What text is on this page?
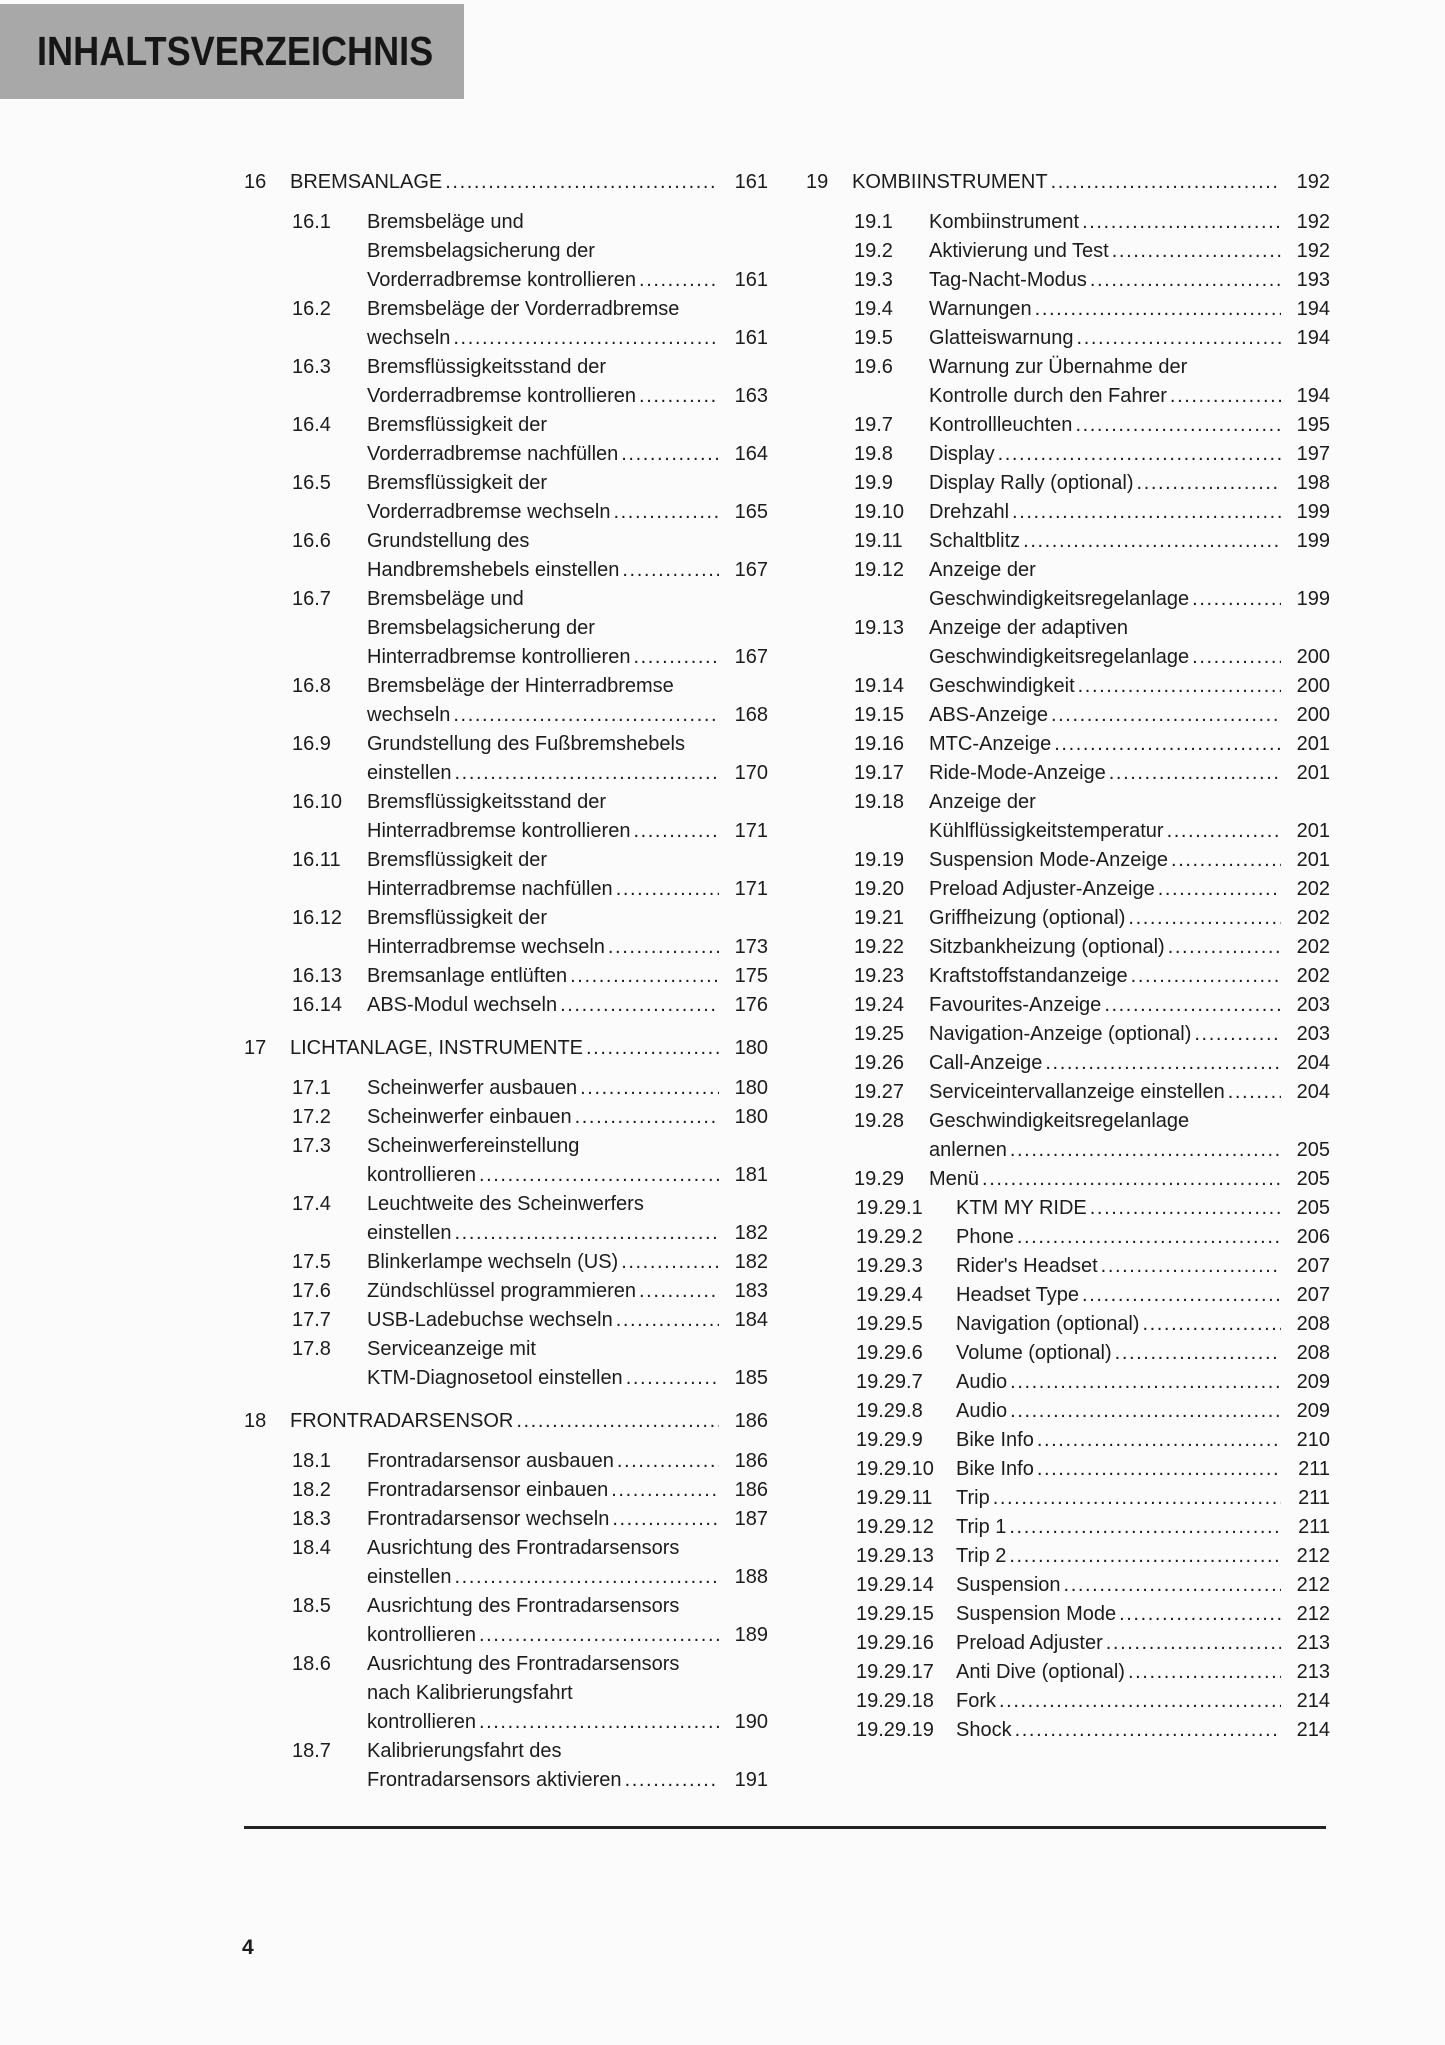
INHALTSVERZEICHNIS
16	BREMSANLAGE .....	161
16.1	Bremsbeläge und
Bremsbelagsicherung der
Vorderradbremse kontrollieren .....	161
16.2	Bremsbeläge der Vorderradbremse
wechseln .....	161
16.3	Bremsflüssigkeitsstand der
Vorderradbremse kontrollieren .....	163
16.4	Bremsflüssigkeit der
Vorderradbremse nachfüllen .....	164
16.5	Bremsflüssigkeit der
Vorderradbremse wechseln .....	165
16.6	Grundstellung des
Handbremshebels einstellen .....	167
16.7	Bremsbeläge und
Bremsbelagsicherung der
Hinterradbremse kontrollieren .....	167
16.8	Bremsbeläge der Hinterradbremse
wechseln .....	168
16.9	Grundstellung des Fußbremshebels
einstellen .....	170
16.10	Bremsflüssigkeitsstand der
Hinterradbremse kontrollieren .....	171
16.11	Bremsflüssigkeit der
Hinterradbremse nachfüllen .....	171
16.12	Bremsflüssigkeit der
Hinterradbremse wechseln .....	173
16.13	Bremsanlage entlüften .....	175
16.14	ABS-Modul wechseln .....	176
17	LICHTANLAGE, INSTRUMENTE .....	180
17.1	Scheinwerfer ausbauen .....	180
17.2	Scheinwerfer einbauen .....	180
17.3	Scheinwerfereinstellung
kontrollieren .....	181
17.4	Leuchtweite des Scheinwerfers
einstellen .....	182
17.5	Blinkerlampe wechseln (US) .....	182
17.6	Zündschlüssel programmieren .....	183
17.7	USB-Ladebuchse wechseln .....	184
17.8	Serviceanzeige mit
KTM-Diagnosetool einstellen .....	185
18	FRONTRADARSENSOR .....	186
18.1	Frontradarsensor ausbauen .....	186
18.2	Frontradarsensor einbauen .....	186
18.3	Frontradarsensor wechseln .....	187
18.4	Ausrichtung des Frontradarsensors
einstellen .....	188
18.5	Ausrichtung des Frontradarsensors
kontrollieren .....	189
18.6	Ausrichtung des Frontradarsensors
nach Kalibrierungsfahrt
kontrollieren .....	190
18.7	Kalibrierungsfahrt des
Frontradarsensors aktivieren .....	191
19	KOMBIINSTRUMENT .....	192
19.1	Kombiinstrument .....	192
19.2	Aktivierung und Test .....	192
19.3	Tag-Nacht-Modus .....	193
19.4	Warnungen .....	194
19.5	Glatteiswarnung .....	194
19.6	Warnung zur Übernahme der
Kontrolle durch den Fahrer .....	194
19.7	Kontrollleuchten .....	195
19.8	Display .....	197
19.9	Display Rally (optional) .....	198
19.10	Drehzahl .....	199
19.11	Schaltblitz .....	199
19.12	Anzeige der
Geschwindigkeitsregelanlage .....	199
19.13	Anzeige der adaptiven
Geschwindigkeitsregelanlage .....	200
19.14	Geschwindigkeit .....	200
19.15	ABS-Anzeige .....	200
19.16	MTC-Anzeige .....	201
19.17	Ride-Mode-Anzeige .....	201
19.18	Anzeige der
Kühlflüssigkeitstemperatur .....	201
19.19	Suspension Mode-Anzeige .....	201
19.20	Preload Adjuster-Anzeige .....	202
19.21	Griffheizung (optional) .....	202
19.22	Sitzbankheizung (optional) .....	202
19.23	Kraftstoffstandanzeige .....	202
19.24	Favourites-Anzeige .....	203
19.25	Navigation-Anzeige (optional) .....	203
19.26	Call-Anzeige .....	204
19.27	Serviceintervallanzeige einstellen .....	204
19.28	Geschwindigkeitsregelanlage
anlernen .....	205
19.29	Menü .....	205
19.29.1	KTM MY RIDE .....	205
19.29.2	Phone .....	206
19.29.3	Rider's Headset .....	207
19.29.4	Headset Type .....	207
19.29.5	Navigation (optional) .....	208
19.29.6	Volume (optional) .....	208
19.29.7	Audio .....	209
19.29.8	Audio .....	209
19.29.9	Bike Info .....	210
19.29.10	Bike Info .....	211
19.29.11	Trip .....	211
19.29.12	Trip 1 .....	211
19.29.13	Trip 2 .....	212
19.29.14	Suspension .....	212
19.29.15	Suspension Mode .....	212
19.29.16	Preload Adjuster .....	213
19.29.17	Anti Dive (optional) .....	213
19.29.18	Fork .....	214
19.29.19	Shock .....	214
4
